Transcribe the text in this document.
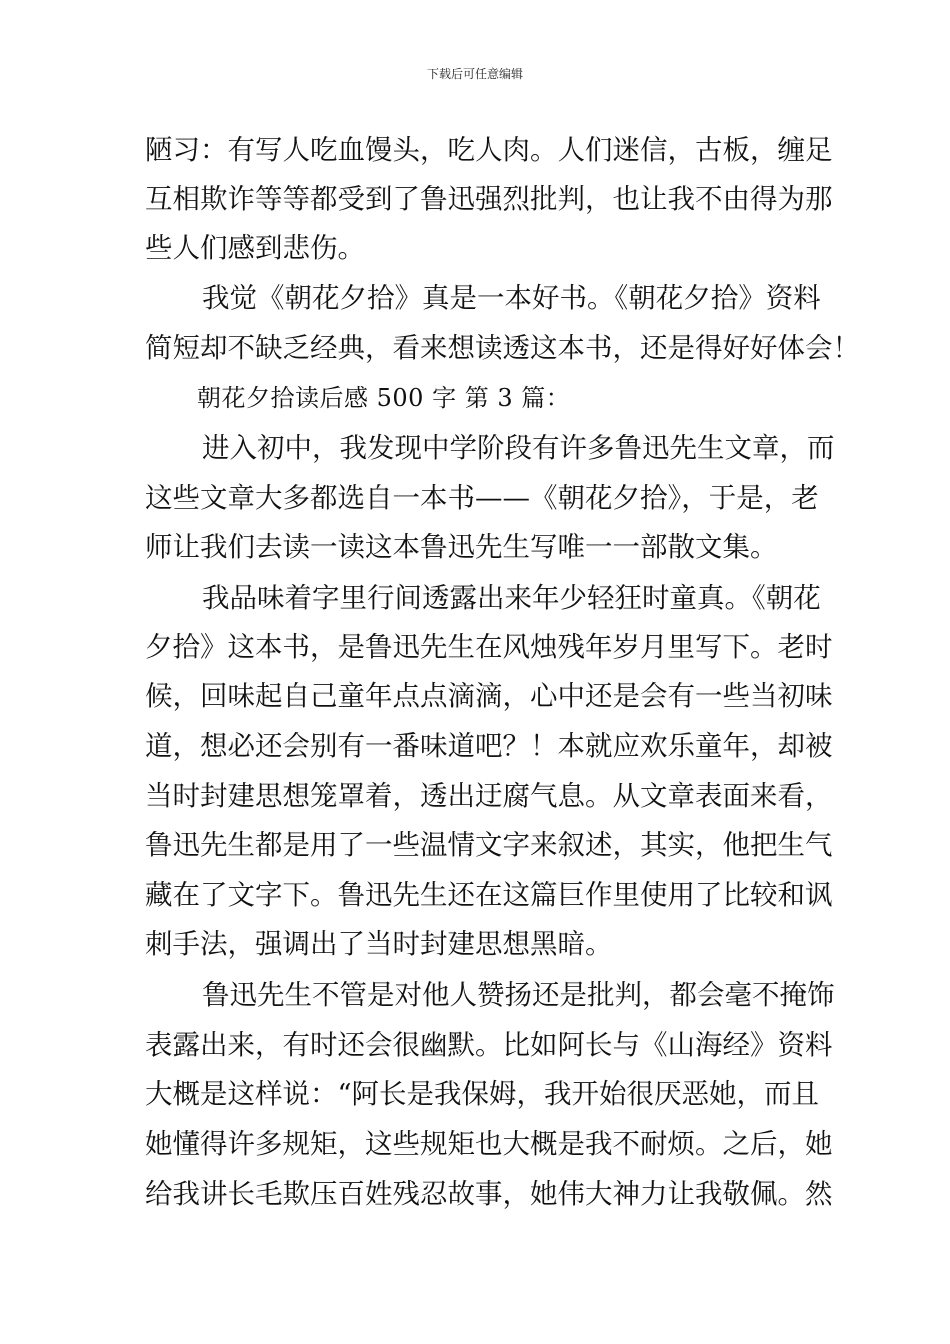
下载后可任意编辑
陋习：有写人吃血馒头，吃人肉。人们迷信，古板，缠足
互相欺诈等等都受到了鲁迅强烈批判，也让我不由得为那
些人们感到悲伤。
我觉《朝花夕拾》真是一本好书。《朝花夕拾》资料
简短却不缺乏经典，看来想读透这本书，还是得好好体会！
朝花夕拾读后感 500 字 第 3 篇：
进入初中，我发现中学阶段有许多鲁迅先生文章，而
这些文章大多都选自一本书——《朝花夕拾》，于是，老
师让我们去读一读这本鲁迅先生写唯一一部散文集。
我品味着字里行间透露出来年少轻狂时童真。《朝花
夕拾》这本书，是鲁迅先生在风烛残年岁月里写下。老时
候，回味起自己童年点点滴滴，心中还是会有一些当初味
道，想必还会别有一番味道吧？！本就应欢乐童年，却被
当时封建思想笼罩着，透出迂腐气息。从文章表面来看，
鲁迅先生都是用了一些温情文字来叙述，其实，他把生气
藏在了文字下。鲁迅先生还在这篇巨作里使用了比较和讽
刺手法，强调出了当时封建思想黑暗。
鲁迅先生不管是对他人赞扬还是批判，都会毫不掩饰
表露出来，有时还会很幽默。比如阿长与《山海经》资料
大概是这样说：“阿长是我保姆，我开始很厌恶她，而且
她懂得许多规矩，这些规矩也大概是我不耐烦。之后，她
给我讲长毛欺压百姓残忍故事，她伟大神力让我敬佩。然
